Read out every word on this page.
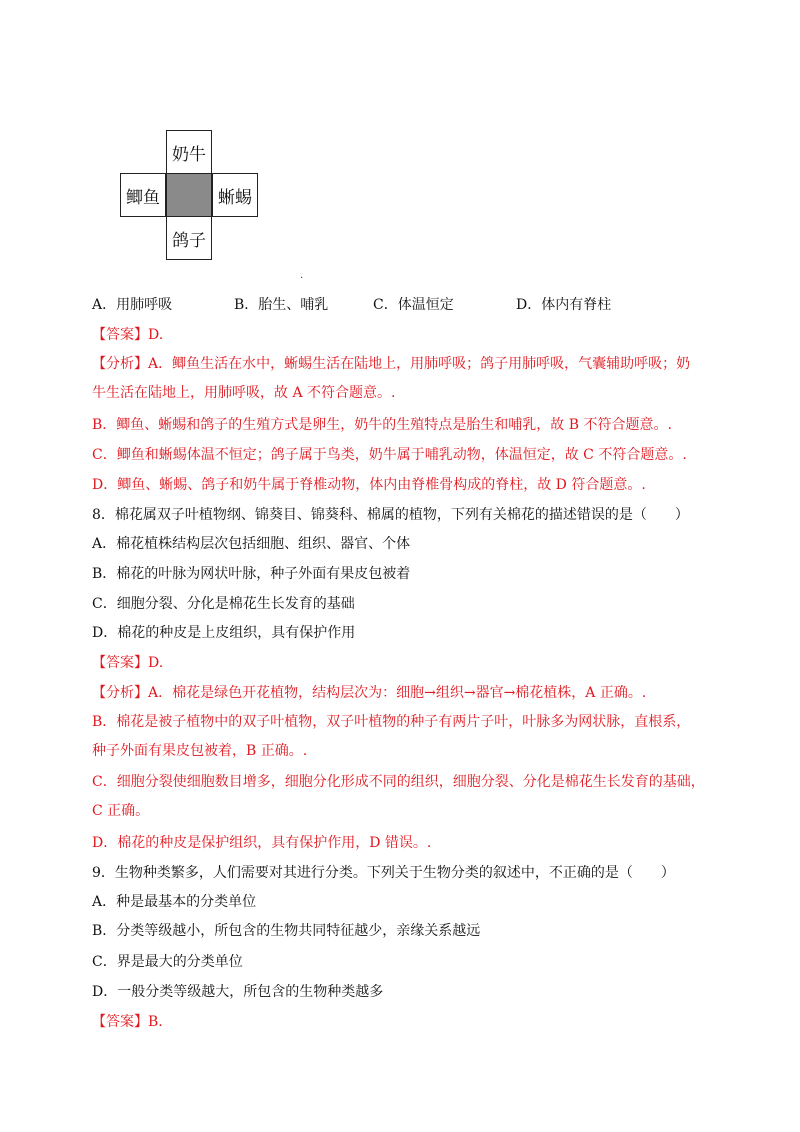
奶牛
鲫鱼	蜥蜴
鸽子
.
A．用肺呼吸	B．胎生、哺乳	C．体温恒定	D．体内有脊柱
【答案】D.
【分析】A．鲫鱼生活在水中，蜥蜴生活在陆地上，用肺呼吸；鸽子用肺呼吸，气囊辅助呼吸；奶
牛生活在陆地上，用肺呼吸，故 A 不符合题意。.
B．鲫鱼、蜥蜴和鸽子的生殖方式是卵生，奶牛的生殖特点是胎生和哺乳，故 B 不符合题意。.
C．鲫鱼和蜥蜴体温不恒定；鸽子属于鸟类，奶牛属于哺乳动物，体温恒定，故 C 不符合题意。.
D．鲫鱼、蜥蜴、鸽子和奶牛属于脊椎动物，体内由脊椎骨构成的脊柱，故 D 符合题意。.
8．棉花属双子叶植物纲、锦葵目、锦葵科、棉属的植物，下列有关棉花的描述错误的是（　　）
A．棉花植株结构层次包括细胞、组织、器官、个体
B．棉花的叶脉为网状叶脉，种子外面有果皮包被着
C．细胞分裂、分化是棉花生长发育的基础
D．棉花的种皮是上皮组织，具有保护作用
【答案】D.
【分析】A．棉花是绿色开花植物，结构层次为：细胞→组织→器官→棉花植株，A 正确。.
B．棉花是被子植物中的双子叶植物，双子叶植物的种子有两片子叶，叶脉多为网状脉，直根系，
种子外面有果皮包被着，B 正确。.
C．细胞分裂使细胞数目增多，细胞分化形成不同的组织，细胞分裂、分化是棉花生长发育的基础，
C 正确。
D．棉花的种皮是保护组织，具有保护作用，D 错误。.
9．生物种类繁多，人们需要对其进行分类。下列关于生物分类的叙述中，不正确的是（　　）
A．种是最基本的分类单位
B．分类等级越小，所包含的生物共同特征越少，亲缘关系越远
C．界是最大的分类单位
D．一般分类等级越大，所包含的生物种类越多
【答案】B.
